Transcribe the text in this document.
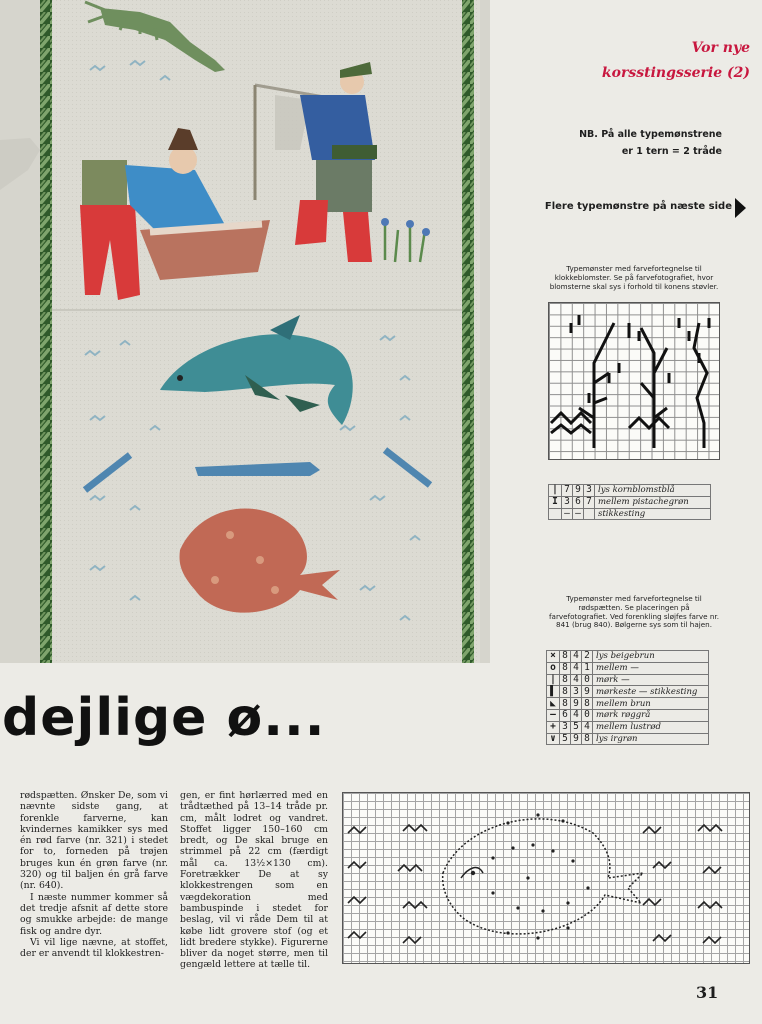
Vor nye
korsstingsserie (2)
NB. På alle typemønstrene
er 1 tern = 2 tråde
Flere typemønstre på næste side
Typemønster med farvefortegnelse til klokkeblomster. Se på farvefotografiet, hvor blomsterne skal sys i forhold til konens støvler.
|	7	9	3	lys kornblomstblå
Ι	3	6	7	mellem pistachegrøn
	—	—		stikkesting
Typemønster med farvefortegnelse til rødspætten. Se placeringen på farvefotografiet. Ved forenkling sløjfes farve nr. 841 (brug 840). Bølgerne sys som til hajen.
×	8	4	2	lys beigebrun
o	8	4	1	mellem —
|	8	4	0	mørk —
▌	8	3	9	mørkeste — stikkesting
◣	8	9	8	mellem brun
—	6	4	0	mørk røggrå
+	3	5	4	mellem lustrød
∨	5	9	8	lys irgrøn
dejlige ø...
rødspætten. Ønsker De, som vi nævnte sidste gang, at forenkle farverne, kan kvindernes kamikker sys med én rød farve (nr. 321) i stedet for to, forneden på trøjen bruges kun én grøn farve (nr. 320) og til baljen én grå farve (nr. 640).
I næste nummer kommer så det tredje afsnit af dette store og smukke arbejde: de mange fisk og andre dyr.
Vi vil lige nævne, at stoffet, der er anvendt til klokkestren-
gen, er fint hørlærred med en trådtæthed på 13–14 tråde pr. cm, målt lodret og vandret. Stoffet ligger 150–160 cm bredt, og De skal bruge en strimmel på 22 cm (færdigt mål ca. 13½×130 cm). Foretrækker De at sy klokkestrengen som en vægdekoration med bambuspinde i stedet for beslag, vil vi råde Dem til at købe lidt grovere stof (og et lidt bredere stykke). Figurerne bliver da noget større, men til gengæld lettere at tælle til.
31
